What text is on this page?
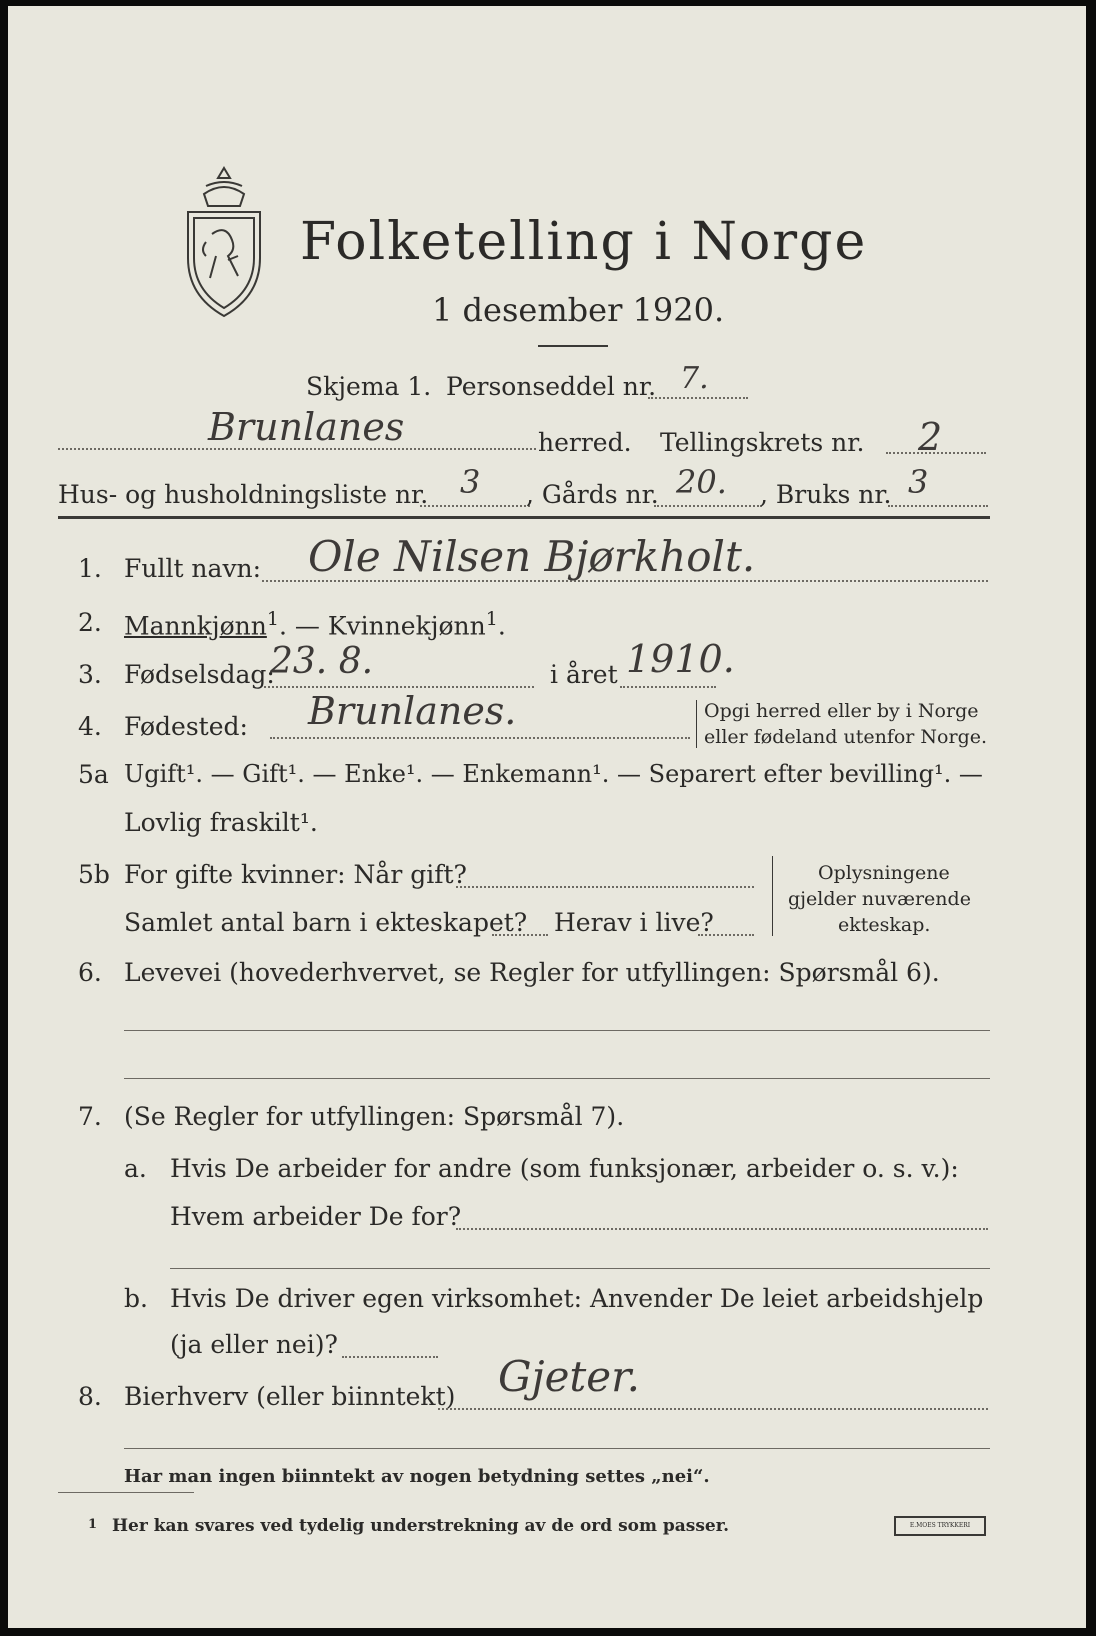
Folketelling i Norge
1 desember 1920.
Skjema 1. Personseddel nr. 7.
Brunlanes	herred. Tellingskrets nr. 2
Hus- og husholdningsliste nr. 3 , Gårds nr. 20. , Bruks nr. 3
1. Fullt navn: Ole Nilsen Bjørkholt.
2. Mannkjønn$^1$. — Kvinnekjønn$^1$.
3. Fødselsdag:
23. 8.	i året 1910.
4. Fødested: Brunlanes.	Opgi herred eller by i Norge
eller fødeland utenfor Norge.
5a Ugift¹. — Gift¹. — Enke¹. — Enkemann¹. — Separert efter bevilling¹. —
Lovlig fraskilt¹.
5b For gifte kvinner: Når gift?
Samlet antal barn i ekteskapet? Herav i live?
Oplysningene
gjelder nuværende
ekteskap.
6. Levevei (hovederhvervet, se Regler for utfyllingen: Spørsmål 6).
7. (Se Regler for utfyllingen: Spørsmål 7).
a. Hvis De arbeider for andre (som funksjonær, arbeider o. s. v.):
Hvem arbeider De for?
b. Hvis De driver egen virksomhet: Anvender De leiet arbeidshjelp
(ja eller nei)?
8. Bierhverv (eller biinntekt) Gjeter.
Har man ingen biinntekt av nogen betydning settes „nei“.
1 Her kan svares ved tydelig understrekning av de ord som passer.	E.MOES TRYKKERI
